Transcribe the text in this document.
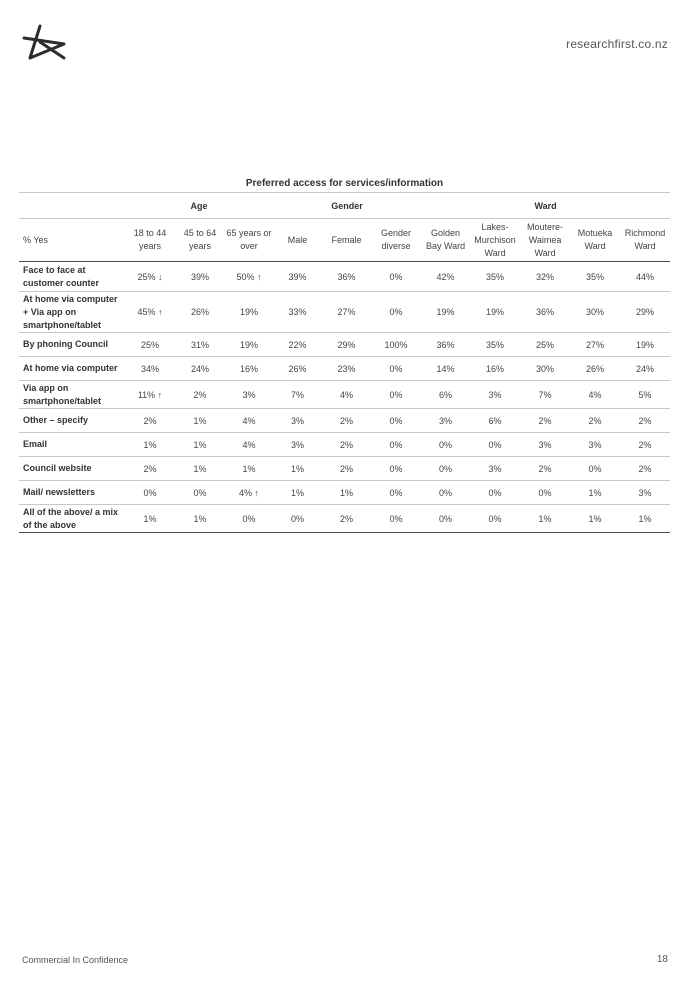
researchfirst.co.nz
Preferred access for services/information
	Age			Gender			Ward				
% Yes	18 to 44 years	45 to 64 years	65 years or over	Male	Female	Gender diverse	Golden Bay Ward	Lakes-Murchison Ward	Moutere-Waimea Ward	Motueka Ward	Richmond Ward
Face to face at customer counter	25% ↓	39%	50% ↑	39%	36%	0%	42%	35%	32%	35%	44%
At home via computer + Via app on smartphone/tablet	45% ↑	26%	19%	33%	27%	0%	19%	19%	36%	30%	29%
By phoning Council	25%	31%	19%	22%	29%	100%	36%	35%	25%	27%	19%
At home via computer	34%	24%	16%	26%	23%	0%	14%	16%	30%	26%	24%
Via app on smartphone/tablet	11% ↑	2%	3%	7%	4%	0%	6%	3%	7%	4%	5%
Other – specify	2%	1%	4%	3%	2%	0%	3%	6%	2%	2%	2%
Email	1%	1%	4%	3%	2%	0%	0%	0%	3%	3%	2%
Council website	2%	1%	1%	1%	2%	0%	0%	3%	2%	0%	2%
Mail/ newsletters	0%	0%	4% ↑	1%	1%	0%	0%	0%	0%	1%	3%
All of the above/ a mix of the above	1%	1%	0%	0%	2%	0%	0%	0%	1%	1%	1%
Commercial In Confidence	18
